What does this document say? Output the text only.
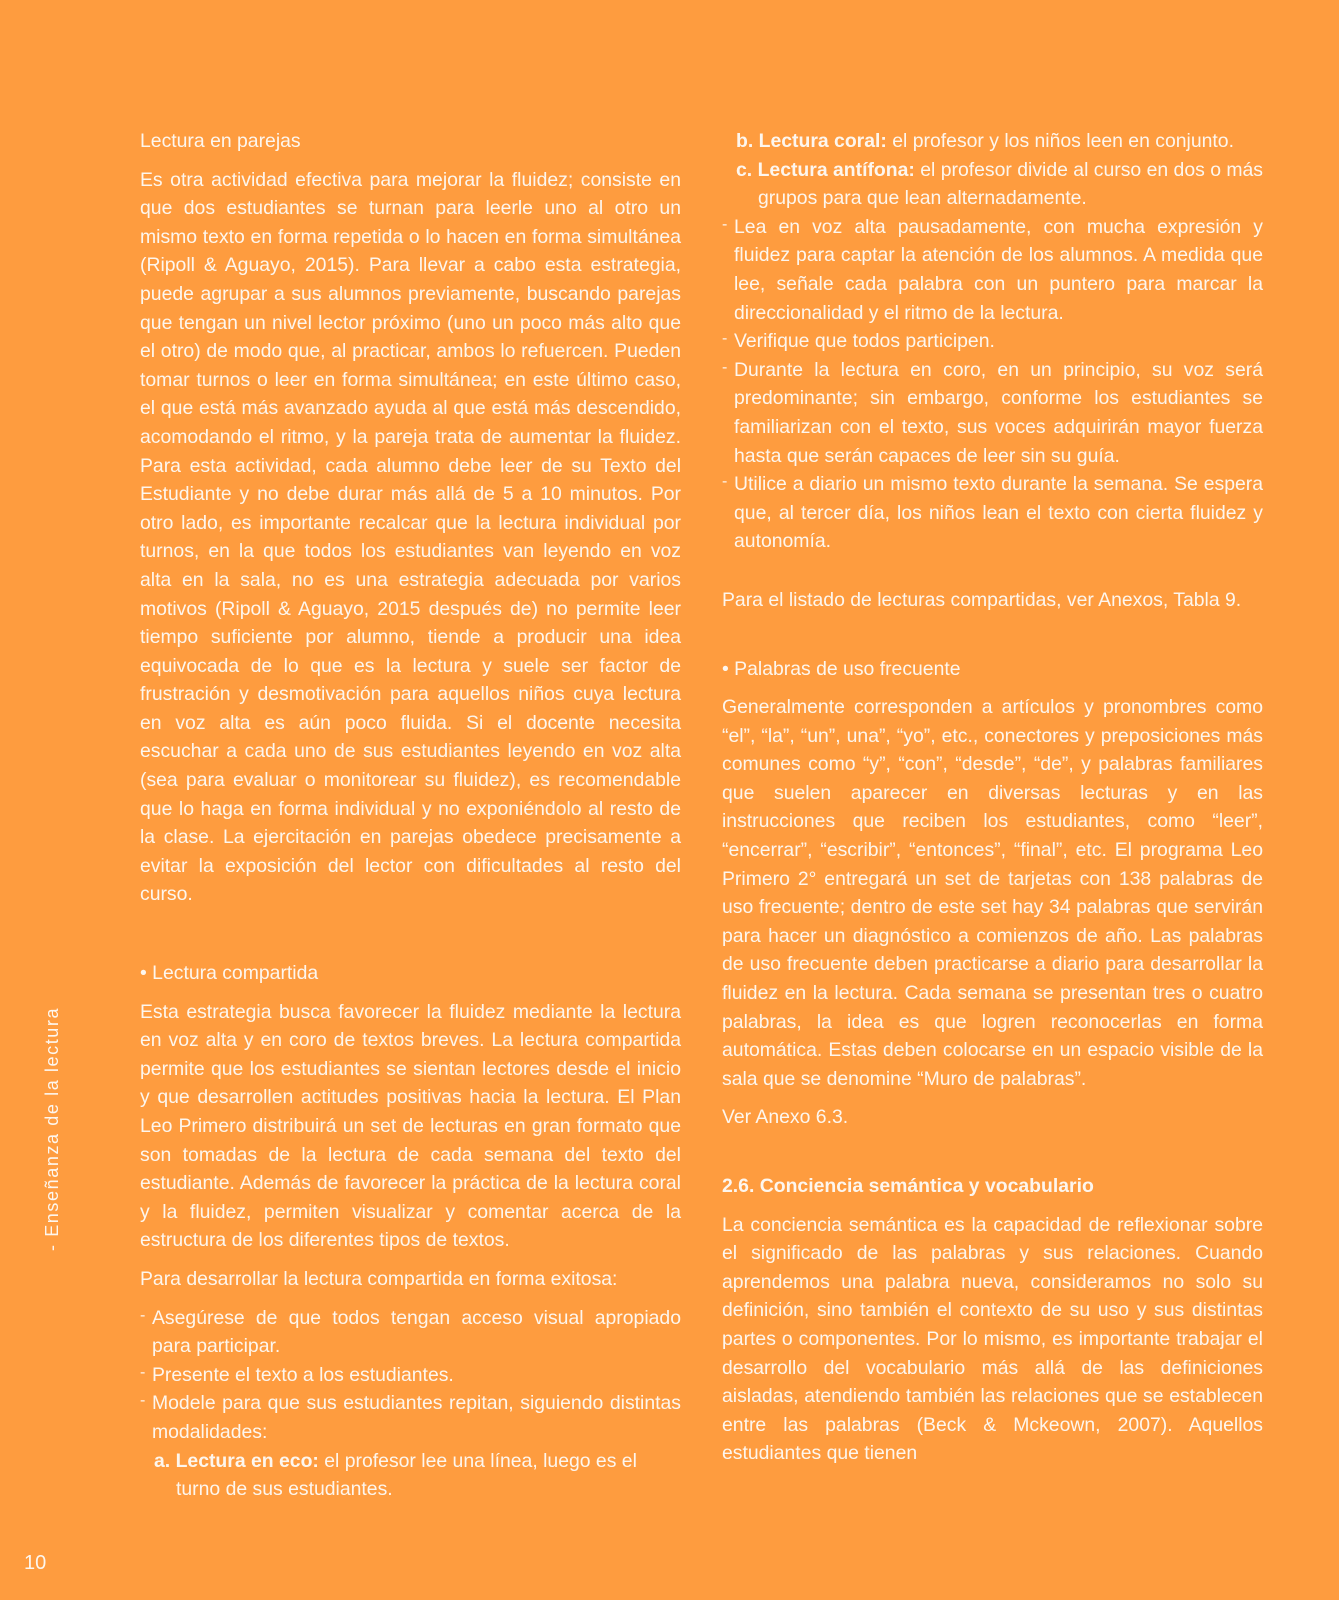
- Enseñanza de la lectura

Lectura en parejas

Es otra actividad efectiva para mejorar la fluidez; consiste en que dos estudiantes se turnan para leerle uno al otro un mismo texto en forma repetida o lo hacen en forma simultánea (Ripoll & Aguayo, 2015). Para llevar a cabo esta estrategia, puede agrupar a sus alumnos previamente, buscando parejas que tengan un nivel lector próximo (uno un poco más alto que el otro) de modo que, al practicar, ambos lo refuercen. Pueden tomar turnos o leer en forma simultánea; en este último caso, el que está más avanzado ayuda al que está más descendido, acomodando el ritmo, y la pareja trata de aumentar la fluidez. Para esta actividad, cada alumno debe leer de su Texto del Estudiante y no debe durar más allá de 5 a 10 minutos. Por otro lado, es importante recalcar que la lectura individual por turnos, en la que todos los estudiantes van leyendo en voz alta en la sala, no es una estrategia adecuada por varios motivos (Ripoll & Aguayo, 2015 después de) no permite leer tiempo suficiente por alumno, tiende a producir una idea equivocada de lo que es la lectura y suele ser factor de frustración y desmotivación para aquellos niños cuya lectura en voz alta es aún poco fluida. Si el docente necesita escuchar a cada uno de sus estudiantes leyendo en voz alta (sea para evaluar o monitorear su fluidez), es recomendable que lo haga en forma individual y no exponiéndolo al resto de la clase. La ejercitación en parejas obedece precisamente a evitar la exposición del lector con dificultades al resto del curso.

• Lectura compartida

Esta estrategia busca favorecer la fluidez mediante la lectura en voz alta y en coro de textos breves. La lectura compartida permite que los estudiantes se sientan lectores desde el inicio y que desarrollen actitudes positivas hacia la lectura. El Plan Leo Primero distribuirá un set de lecturas en gran formato que son tomadas de la lectura de cada semana del texto del estudiante. Además de favorecer la práctica de la lectura coral y la fluidez, permiten visualizar y comentar acerca de la estructura de los diferentes tipos de textos.

Para desarrollar la lectura compartida en forma exitosa:

- Asegúrese de que todos tengan acceso visual apropiado para participar.
- Presente el texto a los estudiantes.
- Modele para que sus estudiantes repitan, siguiendo distintas modalidades:
a. Lectura en eco: el profesor lee una línea, luego es el turno de sus estudiantes.
b. Lectura coral: el profesor y los niños leen en conjunto.
c. Lectura antífona: el profesor divide al curso en dos o más grupos para que lean alternadamente.
- Lea en voz alta pausadamente, con mucha expresión y fluidez para captar la atención de los alumnos. A medida que lee, señale cada palabra con un puntero para marcar la direccionalidad y el ritmo de la lectura.
- Verifique que todos participen.
- Durante la lectura en coro, en un principio, su voz será predominante; sin embargo, conforme los estudiantes se familiarizan con el texto, sus voces adquirirán mayor fuerza hasta que serán capaces de leer sin su guía.
- Utilice a diario un mismo texto durante la semana. Se espera que, al tercer día, los niños lean el texto con cierta fluidez y autonomía.

Para el listado de lecturas compartidas, ver Anexos, Tabla 9.

• Palabras de uso frecuente

Generalmente corresponden a artículos y pronombres como “el”, “la”, “un”, una”, “yo”, etc., conectores y preposiciones más comunes como “y”, “con”, “desde”, “de”, y palabras familiares que suelen aparecer en diversas lecturas y en las instrucciones que reciben los estudiantes, como “leer”, “encerrar”, “escribir”, “entonces”, “final”, etc. El programa Leo Primero 2° entregará un set de tarjetas con 138 palabras de uso frecuente; dentro de este set hay 34 palabras que servirán para hacer un diagnóstico a comienzos de año. Las palabras de uso frecuente deben practicarse a diario para desarrollar la fluidez en la lectura. Cada semana se presentan tres o cuatro palabras, la idea es que logren reconocerlas en forma automática. Estas deben colocarse en un espacio visible de la sala que se denomine “Muro de palabras”.

Ver Anexo 6.3.

2.6. Conciencia semántica y vocabulario

La conciencia semántica es la capacidad de reflexionar sobre el significado de las palabras y sus relaciones. Cuando aprendemos una palabra nueva, consideramos no solo su definición, sino también el contexto de su uso y sus distintas partes o componentes. Por lo mismo, es importante trabajar el desarrollo del vocabulario más allá de las definiciones aisladas, atendiendo también las relaciones que se establecen entre las palabras (Beck & Mckeown, 2007). Aquellos estudiantes que tienen

10
